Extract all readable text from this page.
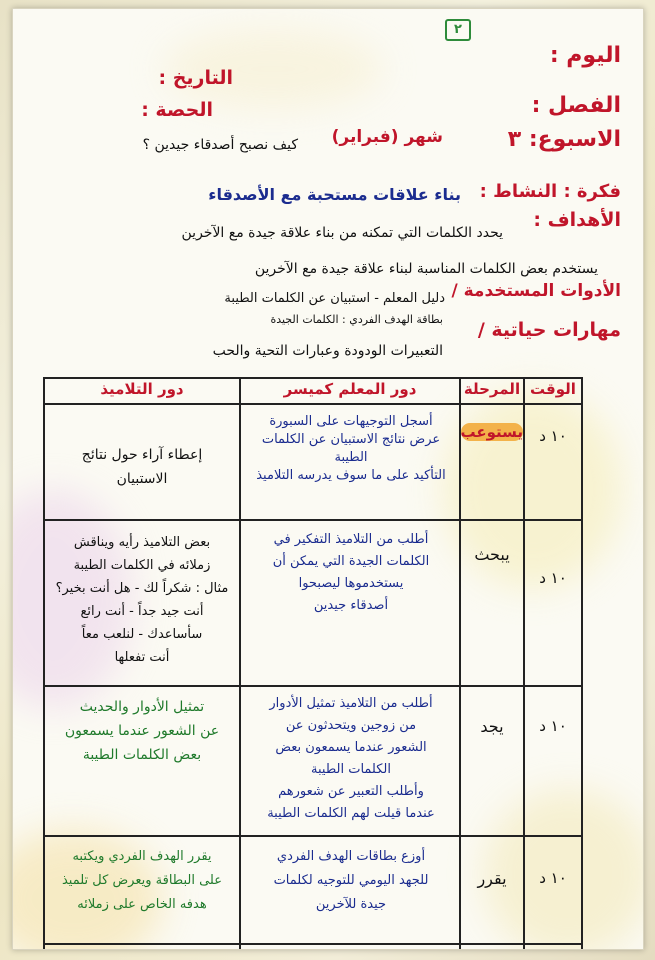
٢
اليوم :
الفصل :
الاسبوع: ٣
التاريخ :
الحصة :
شهر (فبراير)
كيف نصبح أصدقاء جيدين ؟
فكرة : النشاط :
بناء علاقات مستحبة مع الأصدقاء
الأهداف :
يحدد الكلمات التي تمكنه من بناء علاقة جيدة مع الآخرين
يستخدم بعض الكلمات المناسبة لبناء علاقة جيدة مع الآخرين
الأدوات المستخدمة /
دليل المعلم - استبيان عن الكلمات الطيبة
بطاقة الهدف الفردي : الكلمات الجيدة مهارات حياتية /
التعبيرات الودودة وعبارات التحية والحب
الوقت
المرحلة
دور المعلم كميسر
دور التلاميذ
١٠ د
يستوعب
أسجل التوجيهات على السبورة
عرض نتائج الاستبيان عن الكلمات الطيبة
التأكيد على ما سوف يدرسه التلاميذ
إعطاء آراء حول نتائج
الاستبيان
١٠ د
يبحث
أطلب من التلاميذ التفكير في
الكلمات الجيدة التي يمكن أن
يستخدموها ليصبحوا
أصدقاء جيدين
بعض التلاميذ رأيه ويناقش
زملائه في الكلمات الطيبة
مثال : شكراً لك - هل أنت بخير؟
أنت جيد جداً - أنت رائع
سأساعدك - لنلعب معاً
أنت تفعلها
١٠ د
يجد
أطلب من التلاميذ تمثيل الأدوار
من زوجين ويتحدثون عن
الشعور عندما يسمعون بعض
الكلمات الطيبة
وأطلب التعبير عن شعورهم
عندما قيلت لهم الكلمات الطيبة
تمثيل الأدوار والحديث
عن الشعور عندما يسمعون
بعض الكلمات الطيبة
١٠ د
يقرر
أوزع بطاقات الهدف الفردي
للجهد اليومي للتوجيه لكلمات
جيدة للآخرين
يقرر الهدف الفردي ويكتبه
على البطاقة ويعرض كل تلميذ
هدفه الخاص على زملائه
